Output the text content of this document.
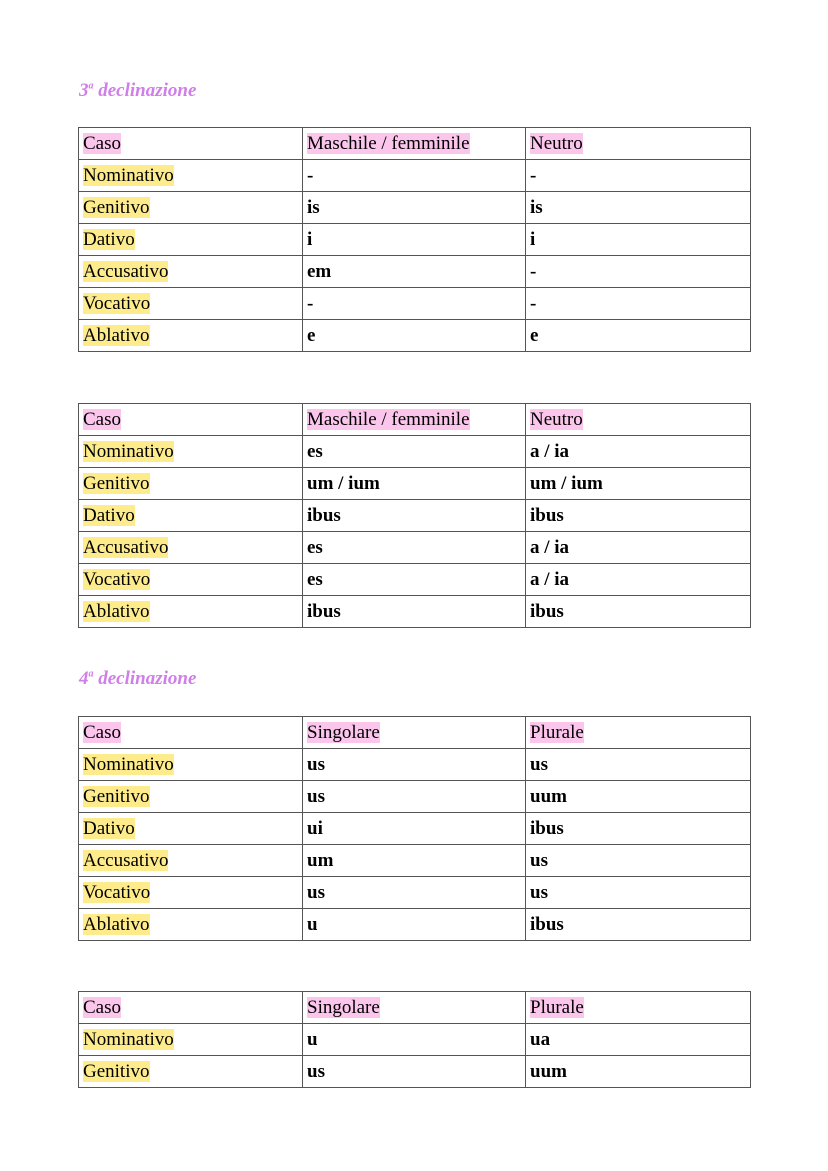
3$^a$ declinazione
Caso	Maschile / femminile	Neutro
Nominativo	-	-
Genitivo	is	is
Dativo	i	i
Accusativo	em	-
Vocativo	-	-
Ablativo	e	e
Caso	Maschile / femminile	Neutro
Nominativo	es	a / ia
Genitivo	um / ium	um / ium
Dativo	ibus	ibus
Accusativo	es	a / ia
Vocativo	es	a / ia
Ablativo	ibus	ibus
4$^a$ declinazione
Caso	Singolare	Plurale
Nominativo	us	us
Genitivo	us	uum
Dativo	ui	ibus
Accusativo	um	us
Vocativo	us	us
Ablativo	u	ibus
Caso	Singolare	Plurale
Nominativo	u	ua
Genitivo	us	uum
